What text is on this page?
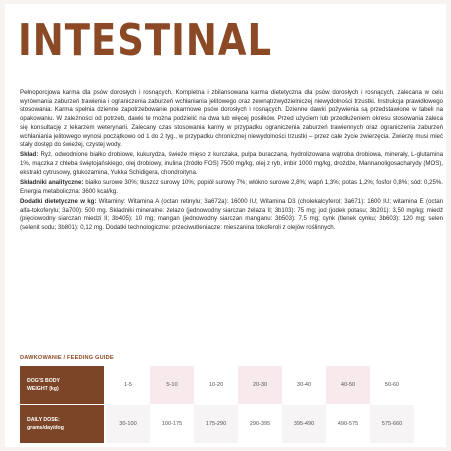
INTESTINAL

Pełnoporcjowa karma dla psów dorosłych i rosnących. Kompletna i zbilansowana karma dietetyczna dla psów dorosłych i rosnących, zalecana w celu wyrównania zaburzeń trawienia i ograniczenia zaburzeń wchłaniania jelitowego oraz zewnątrzwydzielniczej niewydolności trzustki. Instrukcja prawidłowego stosowania: Karma spełnia dzienne zapotrzebowanie pokarmowe psów dorosłych i rosnących. Dzienne dawki pożywienia są przedstawione w tabeli na opakowaniu. W zależności od potrzeb, dawki te można podzielić na dwa lub więcej posiłków. Przed użyciem lub przedłużeniem okresu stosowania zaleca się konsultację z lekarzem weterynarii. Zalecany czas stosowania karmy w przypadku ograniczenia zaburzeń trawiennych oraz ograniczenia zaburzeń wchłaniania jelitowego wynosi początkowo od 1 do 2 tyg., w przypadku chronicznej niewydolności trzustki – przez całe życie zwierzęcia. Zwierzę musi mieć stały dostęp do świeżej, czystej wody.

Skład: Ryż, odwodnione białko drobiowe, kukurydza, świeże mięso z kurczaka, pulpa buraczana, hydrolizowana wątroba drobiowa, minerały, L-glutamina 1%, mączka z chleba świętojańskiego, olej drobiowy, inulina (źródło FOS) 7500 mg/kg, olej z ryb, imbir 1000 mg/kg, drożdże, Mannanoligosacharydy (MOS), ekstrakt cytrusowy, glukozamina, Yukka Schidigera, chondroityna.

Składniki analityczne: białko surowe 30%; tłuszcz surowy 10%; popiół surowy 7%; włókno surowe 2,8%; wapń 1,3%; potas 1,2%; fosfor 0,8%; sód: 0,25%. Energia metaboliczna: 3600 kcal/kg.

Dodatki dietetyczne w kg: Witaminy: Witamina A (octan retinylu; 3a672a): 16000 IU; Witamina D3 (cholekalcyferol; 3a671): 1600 IU; witamina E (octan alfa-tokoferylu; 3a700): 500 mg. Składniki mineralne: żelazo (jednowodny siarczan żelaza II; 3b103): 75 mg; jod (jodek potasu; 3b201): 3,50 mg/kg; miedź (pięciowodny siarczan miedzi II; 3b405): 10 mg; mangan (jednowodny siarczan manganu: 3b503): 7,5 mg; cynk (tlenek cynku; 3b603): 120 mg; selen (selenit sodu; 3b801): 0,12 mg. Dodatki technologiczne: przeciwutleniacze: mieszanina tokoferoli z olejów roślinnych.

DAWKOWANIE / FEEDING GUIDE
DOG'S BODY
WEIGHT (kg)
1-5	5-10	10-20	20-30	30-40	40-50	50-60
DAILY DOSE:
grams/day/dog
30-100	100-175	175-290	290-395	395-490	490-575	575-660
